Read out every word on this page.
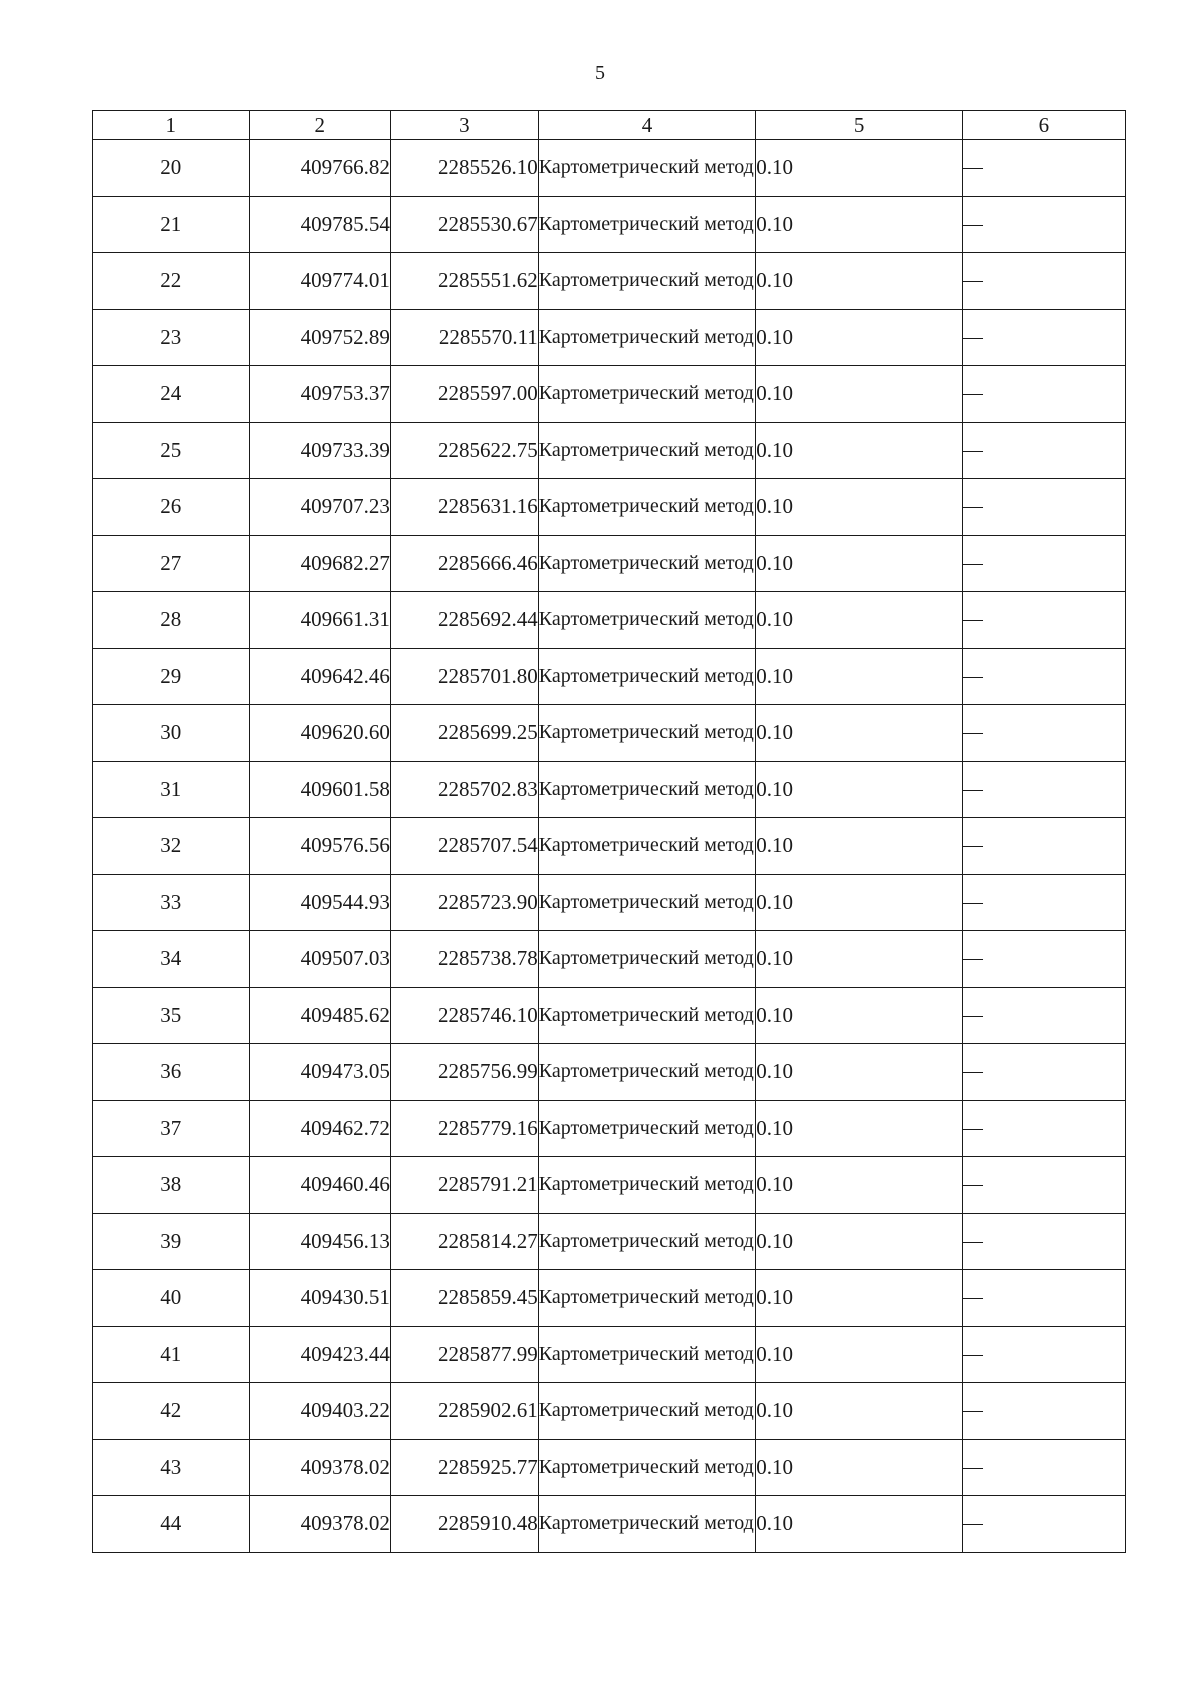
5
1	2	3	4	5	6
20	409766.82	2285526.10	Картометрический метод	0.10	—
21	409785.54	2285530.67	Картометрический метод	0.10	—
22	409774.01	2285551.62	Картометрический метод	0.10	—
23	409752.89	2285570.11	Картометрический метод	0.10	—
24	409753.37	2285597.00	Картометрический метод	0.10	—
25	409733.39	2285622.75	Картометрический метод	0.10	—
26	409707.23	2285631.16	Картометрический метод	0.10	—
27	409682.27	2285666.46	Картометрический метод	0.10	—
28	409661.31	2285692.44	Картометрический метод	0.10	—
29	409642.46	2285701.80	Картометрический метод	0.10	—
30	409620.60	2285699.25	Картометрический метод	0.10	—
31	409601.58	2285702.83	Картометрический метод	0.10	—
32	409576.56	2285707.54	Картометрический метод	0.10	—
33	409544.93	2285723.90	Картометрический метод	0.10	—
34	409507.03	2285738.78	Картометрический метод	0.10	—
35	409485.62	2285746.10	Картометрический метод	0.10	—
36	409473.05	2285756.99	Картометрический метод	0.10	—
37	409462.72	2285779.16	Картометрический метод	0.10	—
38	409460.46	2285791.21	Картометрический метод	0.10	—
39	409456.13	2285814.27	Картометрический метод	0.10	—
40	409430.51	2285859.45	Картометрический метод	0.10	—
41	409423.44	2285877.99	Картометрический метод	0.10	—
42	409403.22	2285902.61	Картометрический метод	0.10	—
43	409378.02	2285925.77	Картометрический метод	0.10	—
44	409378.02	2285910.48	Картометрический метод	0.10	—
